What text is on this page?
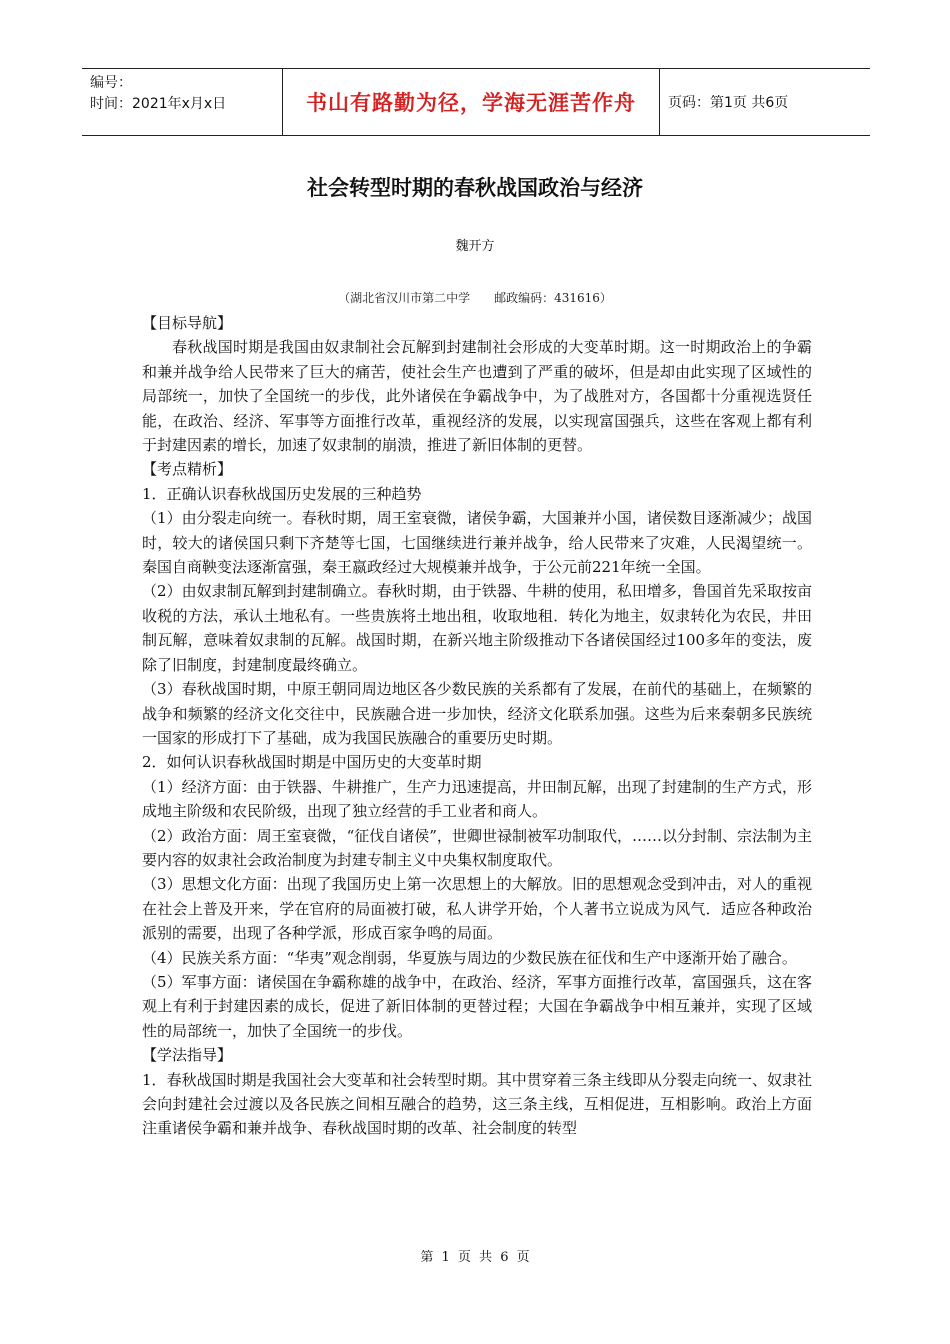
编号：
时间：2021年x月x日	书山有路勤为径，学海无涯苦作舟	页码：第1页 共6页
社会转型时期的春秋战国政治与经济
魏开方
（湖北省汉川市第二中学　　邮政编码：431616）

【目标导航】

春秋战国时期是我国由奴隶制社会瓦解到封建制社会形成的大变革时期。这一时期政治上的争霸和兼并战争给人民带来了巨大的痛苦，使社会生产也遭到了严重的破坏，但是却由此实现了区域性的局部统一，加快了全国统一的步伐，此外诸侯在争霸战争中，为了战胜对方，各国都十分重视选贤任能，在政治、经济、军事等方面推行改革，重视经济的发展，以实现富国强兵，这些在客观上都有利于封建因素的增长，加速了奴隶制的崩溃，推进了新旧体制的更替。

【考点精析】

1．正确认识春秋战国历史发展的三种趋势

（1）由分裂走向统一。春秋时期，周王室衰微，诸侯争霸，大国兼并小国，诸侯数目逐渐减少；战国时，较大的诸侯国只剩下齐楚等七国，七国继续进行兼并战争，给人民带来了灾难，人民渴望统一。秦国自商鞅变法逐渐富强，秦王嬴政经过大规模兼并战争，于公元前221年统一全国。

（2）由奴隶制瓦解到封建制确立。春秋时期，由于铁器、牛耕的使用，私田增多，鲁国首先采取按亩收税的方法，承认土地私有。一些贵族将土地出租，收取地租．转化为地主，奴隶转化为农民，井田制瓦解，意味着奴隶制的瓦解。战国时期，在新兴地主阶级推动下各诸侯国经过100多年的变法，废除了旧制度，封建制度最终确立。

（3）春秋战国时期，中原王朝同周边地区各少数民族的关系都有了发展，在前代的基础上，在频繁的战争和频繁的经济文化交往中，民族融合进一步加快，经济文化联系加强。这些为后来秦朝多民族统一国家的形成打下了基础，成为我国民族融合的重要历史时期。

2．如何认识春秋战国时期是中国历史的大变革时期

（1）经济方面：由于铁器、牛耕推广，生产力迅速提高，井田制瓦解，出现了封建制的生产方式，形成地主阶级和农民阶级，出现了独立经营的手工业者和商人。

（2）政治方面：周王室衰微，“征伐自诸侯”，世卿世禄制被军功制取代，……以分封制、宗法制为主要内容的奴隶社会政治制度为封建专制主义中央集权制度取代。

（3）思想文化方面：出现了我国历史上第一次思想上的大解放。旧的思想观念受到冲击，对人的重视在社会上普及开来，学在官府的局面被打破，私人讲学开始，个人著书立说成为风气．适应各种政治派别的需要，出现了各种学派，形成百家争鸣的局面。

（4）民族关系方面：“华夷”观念削弱，华夏族与周边的少数民族在征伐和生产中逐渐开始了融合。

（5）军事方面：诸侯国在争霸称雄的战争中，在政治、经济，军事方面推行改革，富国强兵，这在客观上有利于封建因素的成长，促进了新旧体制的更替过程；大国在争霸战争中相互兼并，实现了区域性的局部统一，加快了全国统一的步伐。

【学法指导】

1．春秋战国时期是我国社会大变革和社会转型时期。其中贯穿着三条主线即从分裂走向统一、奴隶社会向封建社会过渡以及各民族之间相互融合的趋势，这三条主线，互相促进，互相影响。政治上方面注重诸侯争霸和兼并战争、春秋战国时期的改革、社会制度的转型

第 1 页 共 6 页
